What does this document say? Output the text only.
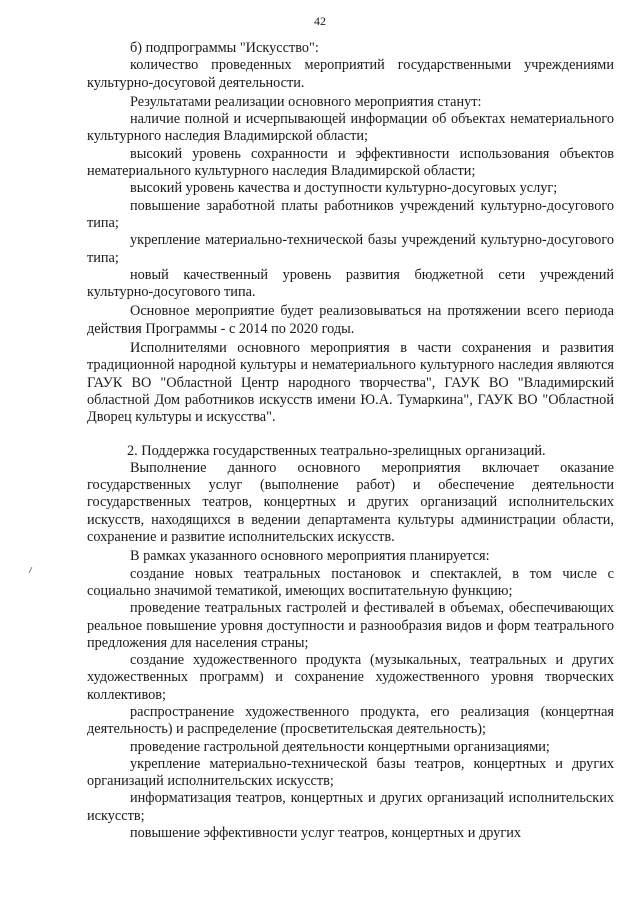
42

б) подпрограммы "Искусство":

количество проведенных мероприятий государственными учреждениями культурно-досуговой деятельности.

Результатами реализации основного мероприятия станут:

наличие полной и исчерпывающей информации об объектах нематериального культурного наследия Владимирской области;

высокий уровень сохранности и эффективности использования объектов нематериального культурного наследия Владимирской области;

высокий уровень качества и доступности культурно-досуговых услуг;

повышение заработной платы работников учреждений культурно-досугового типа;

укрепление материально-технической базы учреждений культурно-досугового типа;

новый качественный уровень развития бюджетной сети учреждений культурно-досугового типа.

Основное мероприятие будет реализовываться на протяжении всего периода действия Программы - с 2014 по 2020 годы.

Исполнителями основного мероприятия в части сохранения и развития традиционной народной культуры и нематериального культурного наследия являются ГАУК ВО "Областной Центр народного творчества", ГАУК ВО "Владимирский областной Дом работников искусств имени Ю.А. Тумаркина", ГАУК ВО "Областной Дворец культуры и искусства".

2. Поддержка государственных театрально-зрелищных организаций.

Выполнение данного основного мероприятия включает оказание государственных услуг (выполнение работ) и обеспечение деятельности государственных театров, концертных и других организаций исполнительских искусств, находящихся в ведении департамента культуры администрации области, сохранение и развитие исполнительских искусств.

В рамках указанного основного мероприятия планируется:

создание новых театральных постановок и спектаклей, в том числе с социально значимой тематикой, имеющих воспитательную функцию;

проведение театральных гастролей и фестивалей в объемах, обеспечивающих реальное повышение уровня доступности и разнообразия видов и форм театрального предложения для населения страны;

создание художественного продукта (музыкальных, театральных и других художественных программ) и сохранение художественного уровня творческих коллективов;

распространение художественного продукта, его реализация (концертная деятельность) и распределение (просветительская деятельность);

проведение гастрольной деятельности концертными организациями;

укрепление материально-технической базы театров, концертных и других организаций исполнительских искусств;

информатизация театров, концертных и других организаций исполнительских искусств;

повышение эффективности услуг театров, концертных и других
